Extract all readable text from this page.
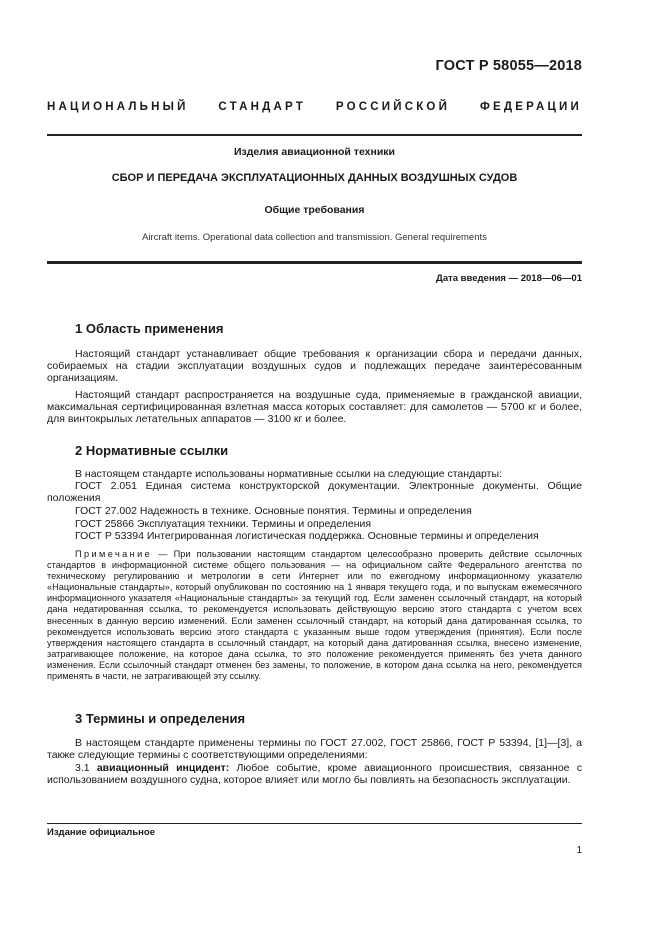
ГОСТ Р 58055—2018
НАЦИОНАЛЬНЫЙ СТАНДАРТ РОССИЙСКОЙ ФЕДЕРАЦИИ
Изделия авиационной техники
СБОР И ПЕРЕДАЧА ЭКСПЛУАТАЦИОННЫХ ДАННЫХ ВОЗДУШНЫХ СУДОВ
Общие требования
Aircraft items. Operational data collection and transmission. General requirements
Дата введения — 2018—06—01
1 Область применения
Настоящий стандарт устанавливает общие требования к организации сбора и передачи данных, собираемых на стадии эксплуатации воздушных судов и подлежащих передаче заинтересованным организациям.
Настоящий стандарт распространяется на воздушные суда, применяемые в гражданской авиации, максимальная сертифицированная взлетная масса которых составляет: для самолетов — 5700 кг и более, для винтокрылых летательных аппаратов — 3100 кг и более.
2 Нормативные ссылки
В настоящем стандарте использованы нормативные ссылки на следующие стандарты:
ГОСТ 2.051 Единая система конструкторской документации. Электронные документы. Общие положения
ГОСТ 27.002 Надежность в технике. Основные понятия. Термины и определения
ГОСТ 25866 Эксплуатация техники. Термины и определения
ГОСТ Р 53394 Интегрированная логистическая поддержка. Основные термины и определения
Примечание — При пользовании настоящим стандартом целесообразно проверить действие ссылочных стандартов в информационной системе общего пользования — на официальном сайте Федерального агентства по техническому регулированию и метрологии в сети Интернет или по ежегодному информационному указателю «Национальные стандарты», который опубликован по состоянию на 1 января текущего года, и по выпускам ежемесячного информационного указателя «Национальные стандарты» за текущий год. Если заменен ссылочный стандарт, на который дана недатированная ссылка, то рекомендуется использовать действующую версию этого стандарта с учетом всех внесенных в данную версию изменений. Если заменен ссылочный стандарт, на который дана датированная ссылка, то рекомендуется использовать версию этого стандарта с указанным выше годом утверждения (принятия). Если после утверждения настоящего стандарта в ссылочный стандарт, на который дана датированная ссылка, внесено изменение, затрагивающее положение, на которое дана ссылка, то это положение рекомендуется применять без учета данного изменения. Если ссылочный стандарт отменен без замены, то положение, в котором дана ссылка на него, рекомендуется применять в части, не затрагивающей эту ссылку.
3 Термины и определения
В настоящем стандарте применены термины по ГОСТ 27.002, ГОСТ 25866, ГОСТ Р 53394, [1]—[3], а также следующие термины с соответствующими определениями:
3.1 авиационный инцидент: Любое событие, кроме авиационного происшествия, связанное с использованием воздушного судна, которое влияет или могло бы повлиять на безопасность эксплуатации.
Издание официальное
1
